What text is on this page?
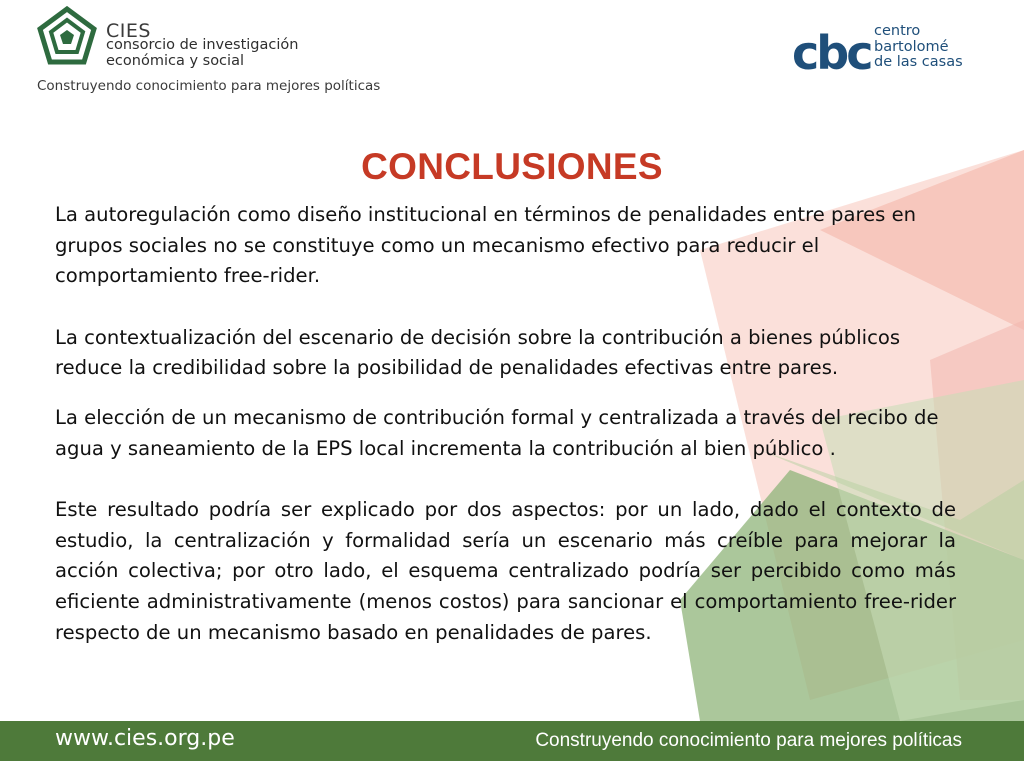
CIES
consorcio de investigación
económica y social
Construyendo conocimiento para mejores políticas
cbc centro
bartolomé
de las casas
CONCLUSIONES

La autoregulación como diseño institucional en términos de penalidades entre pares en grupos sociales no se constituye como un mecanismo efectivo para reducir el comportamiento free-rider.

La contextualización del escenario de decisión sobre la contribución a bienes públicos reduce la credibilidad sobre la posibilidad de penalidades efectivas entre pares.

La elección de un mecanismo de contribución formal y centralizada a través del recibo de agua y saneamiento de la EPS local incrementa la contribución al bien público .

Este resultado podría ser explicado por dos aspectos: por un lado, dado el contexto de estudio, la centralización y formalidad sería un escenario más creíble para mejorar la acción colectiva; por otro lado, el esquema centralizado podría ser percibido como más eficiente administrativamente (menos costos) para sancionar el comportamiento free-rider respecto de un mecanismo basado en penalidades de pares.

www.cies.org.pe	Construyendo conocimiento para mejores políticas
